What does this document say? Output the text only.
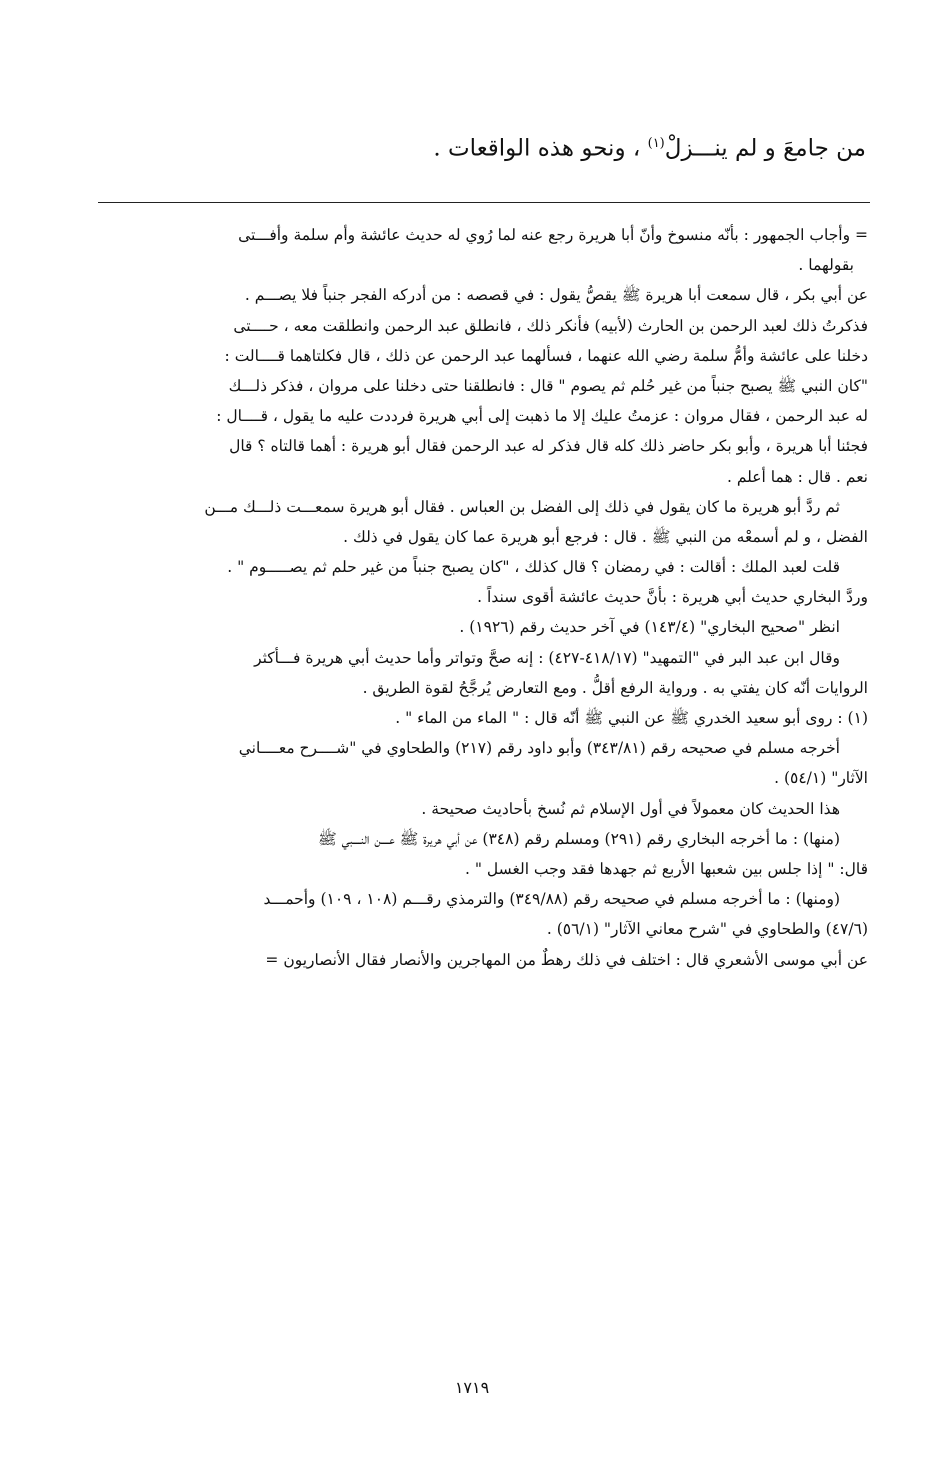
من جامعَ و لم ينـــزلْ$^{(١)}$ ، ونحو هذه الواقعات .
= وأجاب الجمهور : بأنّه منسوخ وأنّ أبا هريرة رجع عنه لما رُوي له حديث عائشة وأم سلمة وأفـــتى
بقولهما .
عن أبي بكر ، قال سمعت أبا هريرة ﷺ يقصُّ يقول : في قصصه : من أدركه الفجر جنباً فلا يصـــم .
فذكرتُ ذلك لعبد الرحمن بن الحارث (لأبيه) فأنكر ذلك ، فانطلق عبد الرحمن وانطلقت معه ، حــــتى
دخلنا على عائشة وأمُّ سلمة رضي الله عنهما ، فسألهما عبد الرحمن عن ذلك ، قال فكلتاهما قــــالت :
"كان النبي ﷺ يصبح جنباً من غير حُلم ثم يصوم " قال : فانطلقنا حتى دخلنا على مروان ، فذكر ذلـــك
له عبد الرحمن ، فقال مروان : عزمتُ عليك إلا ما ذهبت إلى أبي هريرة فرددت عليه ما يقول ، قــــال :
فجئنا أبا هريرة ، وأبو بكر حاضر ذلك كله قال فذكر له عبد الرحمن فقال أبو هريرة : أهما قالتاه ؟ قال
نعم . قال : هما أعلم .
ثم ردَّ أبو هريرة ما كان يقول في ذلك إلى الفضل بن العباس . فقال أبو هريرة سمعـــت ذلـــك مـــن
الفضل ، و لم أسمعْه من النبي ﷺ . قال : فرجع أبو هريرة عما كان يقول في ذلك .
قلت لعبد الملك : أقالت : في رمضان ؟ قال كذلك ، "كان يصبح جنباً من غير حلم ثم يصـــــوم " .
وردَّ البخاري حديث أبي هريرة : بأنَّ حديث عائشة أقوى سنداً .
انظر "صحيح البخاري" (١٤٣/٤) في آخر حديث رقم (١٩٢٦) .
وقال ابن عبد البر في "التمهيد" (٤١٨/١٧-٤٢٧) : إنه صحَّ وتواتر وأما حديث أبي هريرة فـــأكثر
الروايات أنّه كان يفتي به . ورواية الرفع أقلُّ . ومع التعارض يُرجَّحُ لقوة الطريق .
(١) : روى أبو سعيد الخدري ﷺ عن النبي ﷺ أنّه قال : " الماء من الماء " .
أخرجه مسلم في صحيحه رقم (٣٤٣/٨١) وأبو داود رقم (٢١٧) والطحاوي في "شــــرح معــــاني
الآثار" (٥٤/١) .
هذا الحديث كان معمولاً في أول الإسلام ثم نُسخ بأحاديث صحيحة .
(منها) : ما أخرجه البخاري رقم (٢٩١) ومسلم رقم (٣٤٨) عن أبي هريرة ﷺ عــــن النــــبي ﷺ
قال: " إذا جلس بين شعبها الأربع ثم جهدها فقد وجب الغسل " .
(ومنها) : ما أخرجه مسلم في صحيحه رقم (٣٤٩/٨٨) والترمذي رقـــم (١٠٨ ، ١٠٩) وأحمـــد
(٤٧/٦) والطحاوي في "شرح معاني الآثار" (٥٦/١) .
عن أبي موسى الأشعري قال : اختلف في ذلك رهطٌ من المهاجرين والأنصار فقال الأنصاريون =
١٧١٩
